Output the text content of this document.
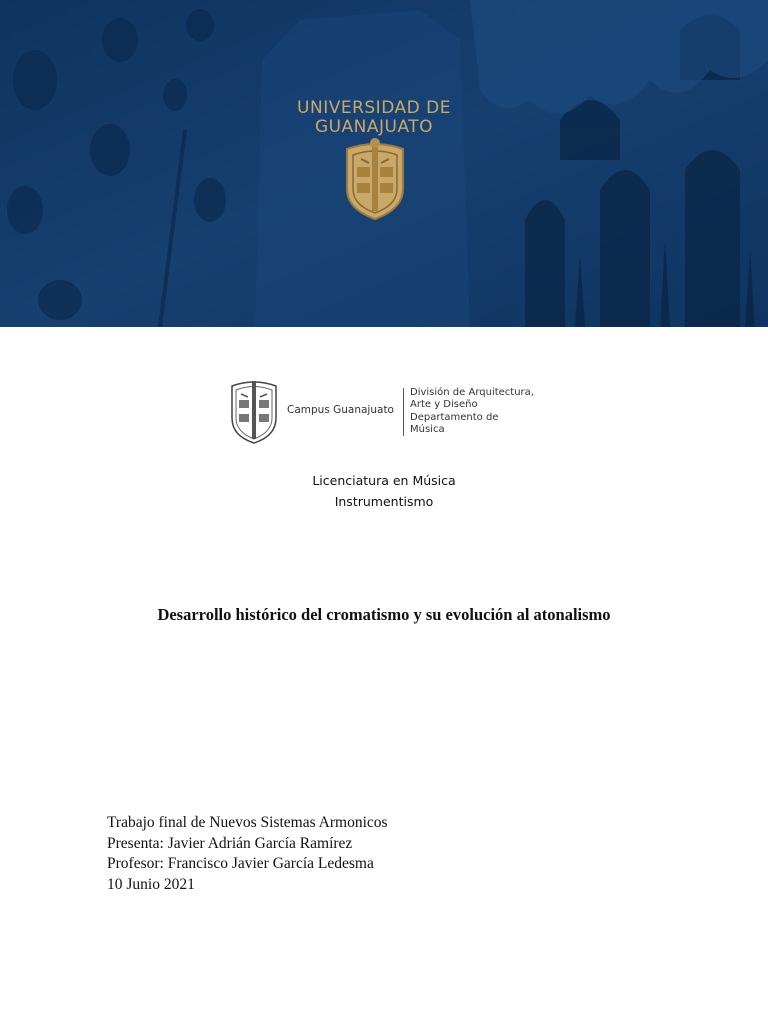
UNIVERSIDAD DE
GUANAJUATO
Campus Guanajuato
División de Arquitectura,
Arte y Diseño
Departamento de
Música
Licenciatura en Música
Instrumentismo
Desarrollo histórico del cromatismo y su evolución al atonalismo
Trabajo final de Nuevos Sistemas Armonicos
Presenta: Javier Adrián García Ramírez
Profesor: Francisco Javier García Ledesma
10 Junio 2021
